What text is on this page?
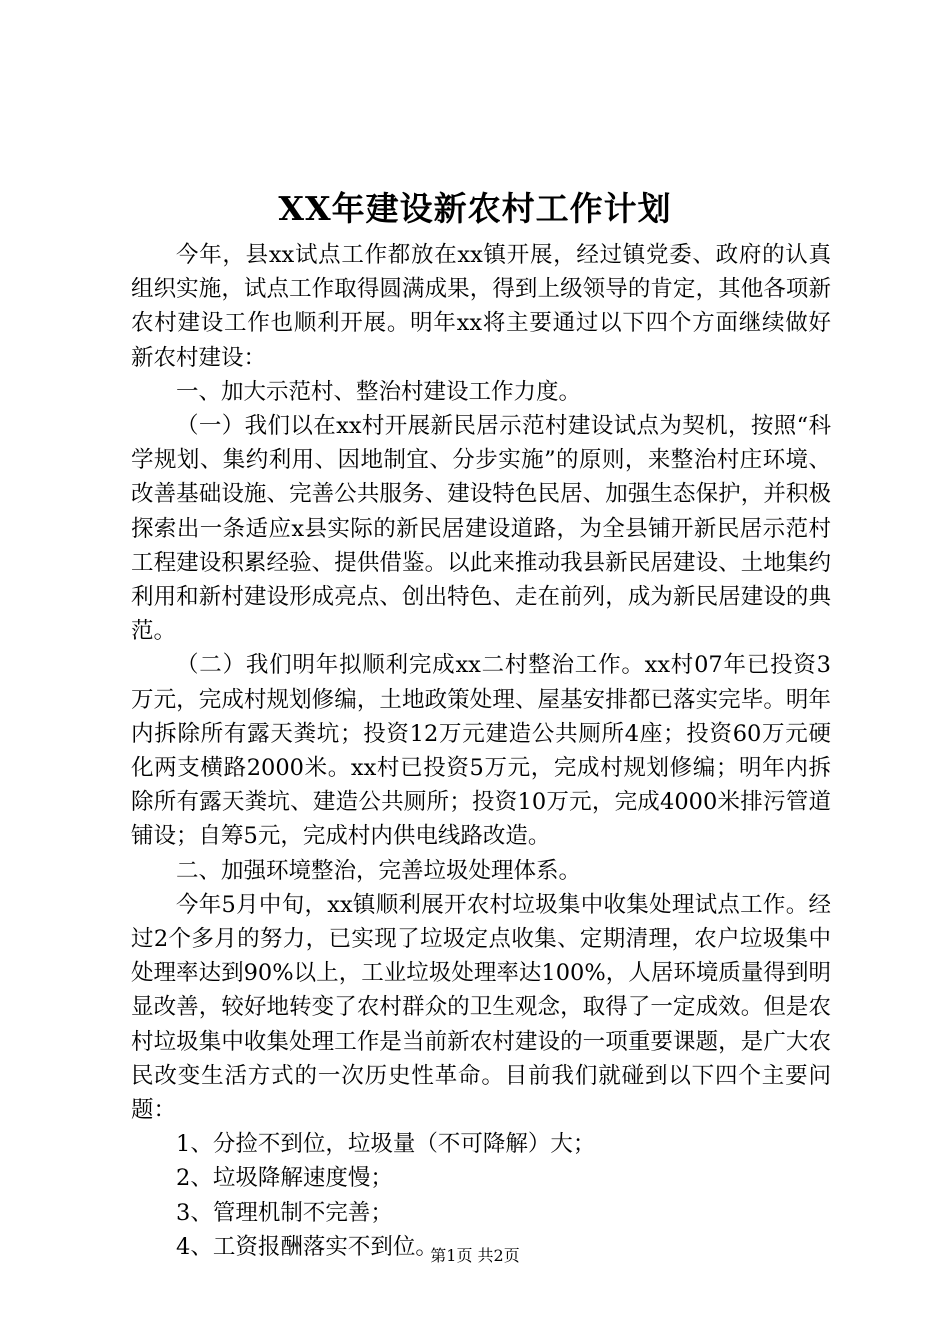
XX年建设新农村工作计划

今年，县xx试点工作都放在xx镇开展，经过镇党委、政府的认真组织实施，试点工作取得圆满成果，得到上级领导的肯定，其他各项新农村建设工作也顺利开展。明年xx将主要通过以下四个方面继续做好新农村建设：

一、加大示范村、整治村建设工作力度。

（一）我们以在xx村开展新民居示范村建设试点为契机，按照“科学规划、集约利用、因地制宜、分步实施”的原则，来整治村庄环境、改善基础设施、完善公共服务、建设特色民居、加强生态保护，并积极探索出一条适应x县实际的新民居建设道路，为全县铺开新民居示范村工程建设积累经验、提供借鉴。以此来推动我县新民居建设、土地集约利用和新村建设形成亮点、创出特色、走在前列，成为新民居建设的典范。

（二）我们明年拟顺利完成xx二村整治工作。xx村07年已投资3万元，完成村规划修编，土地政策处理、屋基安排都已落实完毕。明年内拆除所有露天粪坑；投资12万元建造公共厕所4座；投资60万元硬化两支横路2000米。xx村已投资5万元，完成村规划修编；明年内拆除所有露天粪坑、建造公共厕所；投资10万元，完成4000米排污管道铺设；自筹5元，完成村内供电线路改造。

二、加强环境整治，完善垃圾处理体系。

今年5月中旬，xx镇顺利展开农村垃圾集中收集处理试点工作。经过2个多月的努力，已实现了垃圾定点收集、定期清理，农户垃圾集中处理率达到90%以上，工业垃圾处理率达100%，人居环境质量得到明显改善，较好地转变了农村群众的卫生观念，取得了一定成效。但是农村垃圾集中收集处理工作是当前新农村建设的一项重要课题，是广大农民改变生活方式的一次历史性革命。目前我们就碰到以下四个主要问题：

1、分捡不到位，垃圾量（不可降解）大；

2、垃圾降解速度慢；

3、管理机制不完善；

4、工资报酬落实不到位。

第1页 共2页
